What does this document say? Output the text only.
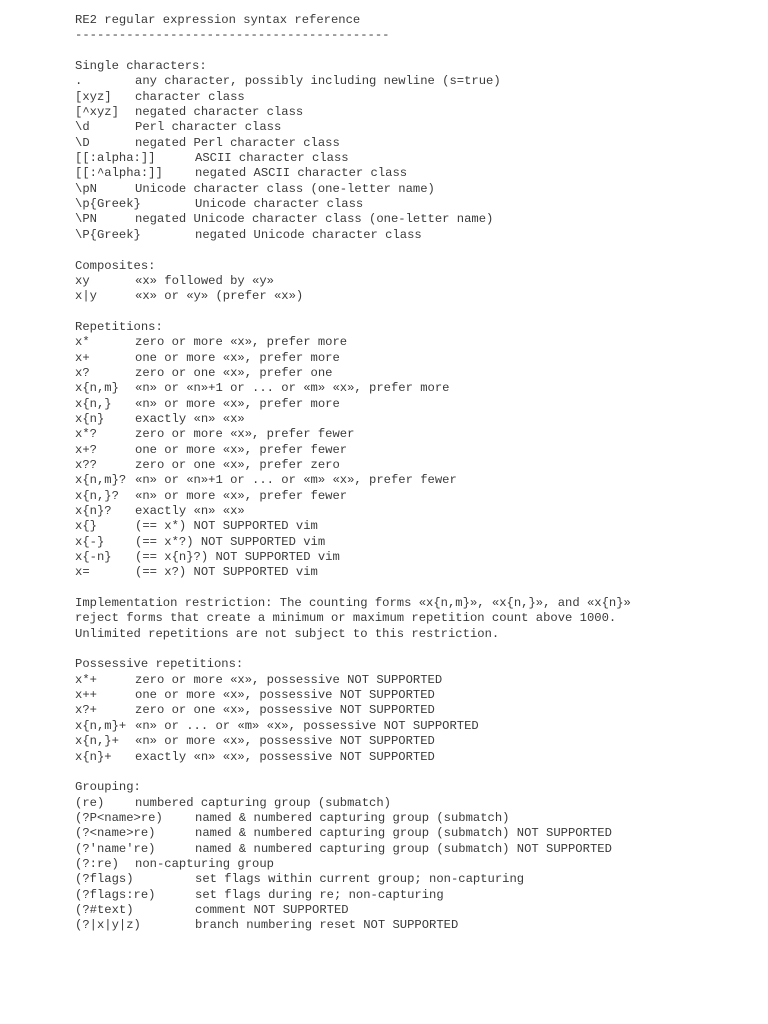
RE2 regular expression syntax reference
-------------------------------------------
Single characters:
.	any character, possibly including newline (s=true)
[xyz] character class
[^xyz] negated character class
\d	Perl character class
\D	negated Perl character class
[[:alpha:]]	ASCII character class
[[:^alpha:]]	negated ASCII character class
\pN	Unicode character class (one-letter name)
\p{Greek}	Unicode character class
\PN	negated Unicode character class (one-letter name)
\P{Greek}	negated Unicode character class
Composites:
xy	«x» followed by «y»
x|y	«x» or «y» (prefer «x»)
Repetitions:
x*	zero or more «x», prefer more
x+	one or more «x», prefer more
x?	zero or one «x», prefer one
x{n,m} «n» or «n»+1 or ... or «m» «x», prefer more
x{n,} «n» or more «x», prefer more
x{n}	exactly «n» «x»
x*?	zero or more «x», prefer fewer
x+?	one or more «x», prefer fewer
x??	zero or one «x», prefer zero
x{n,m}? «n» or «n»+1 or ... or «m» «x», prefer fewer
x{n,}? «n» or more «x», prefer fewer
x{n}? exactly «n» «x»
x{}	(== x*) NOT SUPPORTED vim
x{-}	(== x*?) NOT SUPPORTED vim
x{-n} (== x{n}?) NOT SUPPORTED vim
x=	(== x?) NOT SUPPORTED vim
Implementation restriction: The counting forms «x{n,m}», «x{n,}», and «x{n}»
reject forms that create a minimum or maximum repetition count above 1000.
Unlimited repetitions are not subject to this restriction.
Possessive repetitions:
x*+	zero or more «x», possessive NOT SUPPORTED
x++	one or more «x», possessive NOT SUPPORTED
x?+	zero or one «x», possessive NOT SUPPORTED
x{n,m}+ «n» or ... or «m» «x», possessive NOT SUPPORTED
x{n,}+ «n» or more «x», possessive NOT SUPPORTED
x{n}+ exactly «n» «x», possessive NOT SUPPORTED
Grouping:
(re)	numbered capturing group (submatch)
(?P<name>re)	named & numbered capturing group (submatch)
(?<name>re)	named & numbered capturing group (submatch) NOT SUPPORTED
(?'name're)	named & numbered capturing group (submatch) NOT SUPPORTED
(?:re) non-capturing group
(?flags)	set flags within current group; non-capturing
(?flags:re)	set flags during re; non-capturing
(?#text)	comment NOT SUPPORTED
(?|x|y|z)	branch numbering reset NOT SUPPORTED
